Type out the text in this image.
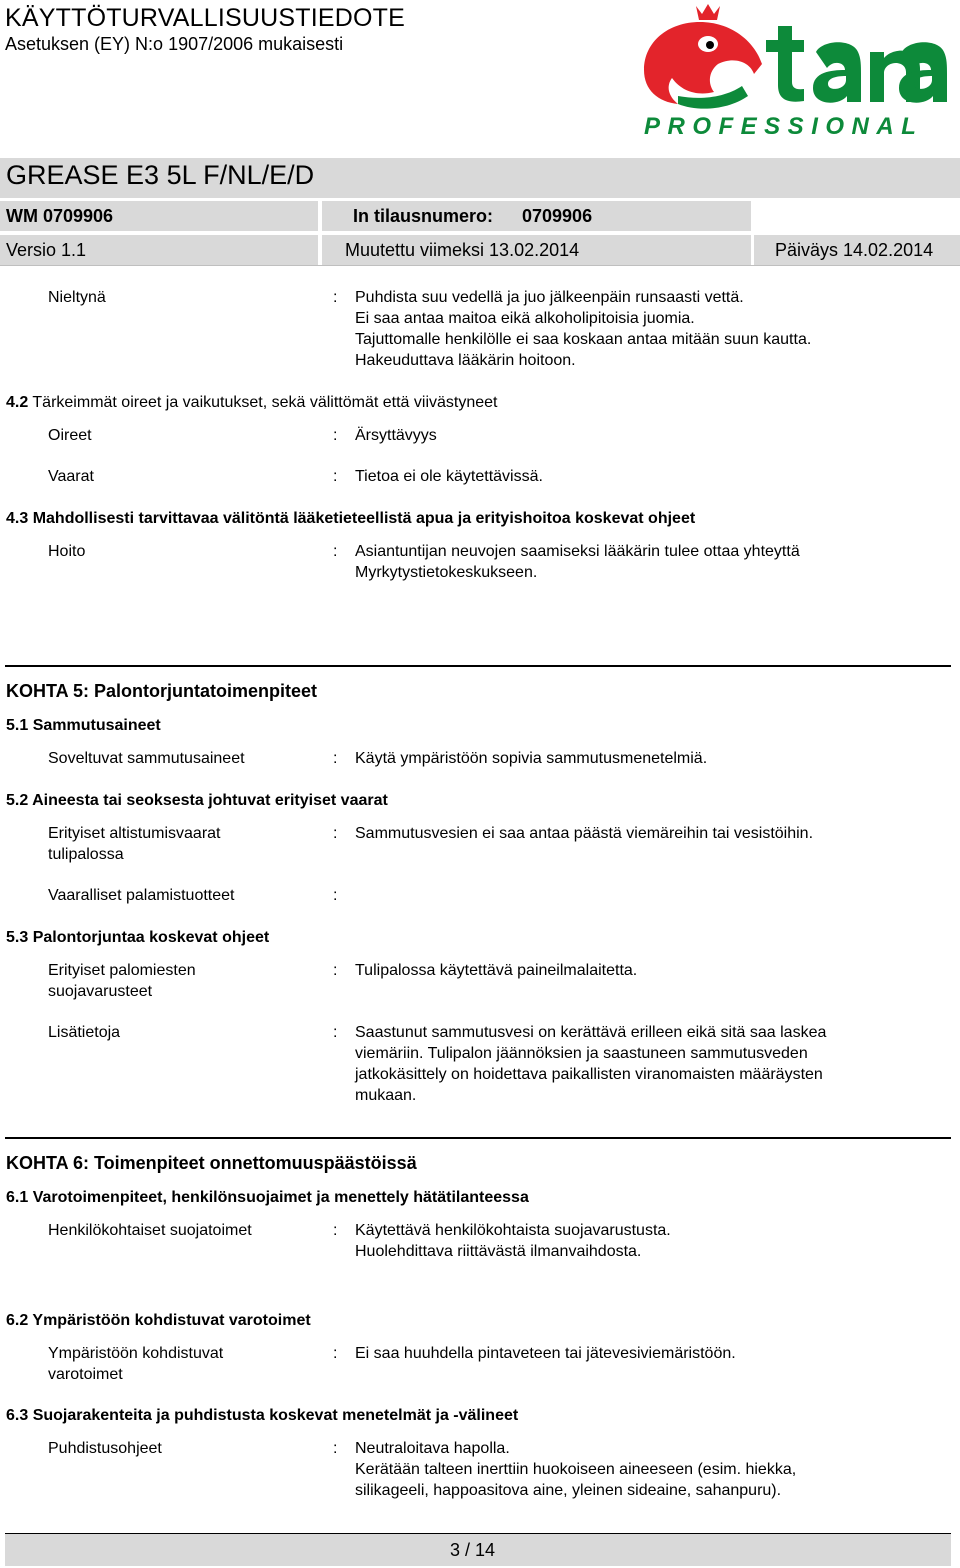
KÄYTTÖTURVALLISUUSTIEDOTE
Asetuksen (EY) N:o 1907/2006 mukaisesti
PROFESSIONAL
GREASE E3 5L F/NL/E/D
WM 0709906	In tilausnumero: 0709906
Versio 1.1	Muutettu viimeksi 13.02.2014	Päiväys 14.02.2014
Nieltynä	: Puhdista suu vedellä ja juo jälkeenpäin runsaasti vettä.
Ei saa antaa maitoa eikä alkoholipitoisia juomia.
Tajuttomalle henkilölle ei saa koskaan antaa mitään suun kautta.
Hakeuduttava lääkärin hoitoon.
4.2 Tärkeimmät oireet ja vaikutukset, sekä välittömät että viivästyneet
Oireet	: Ärsyttävyys
Vaarat	: Tietoa ei ole käytettävissä.
4.3 Mahdollisesti tarvittavaa välitöntä lääketieteellistä apua ja erityishoitoa koskevat ohjeet
Hoito	: Asiantuntijan neuvojen saamiseksi lääkärin tulee ottaa yhteyttä
Myrkytystietokeskukseen.
KOHTA 5: Palontorjuntatoimenpiteet
5.1 Sammutusaineet
Soveltuvat sammutusaineet	: Käytä ympäristöön sopivia sammutusmenetelmiä.
5.2 Aineesta tai seoksesta johtuvat erityiset vaarat
Erityiset altistumisvaarat
tulipalossa
: Sammutusvesien ei saa antaa päästä viemäreihin tai vesistöihin.
Vaaralliset palamistuotteet	:
5.3 Palontorjuntaa koskevat ohjeet
Erityiset palomiesten
suojavarusteet
: Tulipalossa käytettävä paineilmalaitetta.
Lisätietoja	: Saastunut sammutusvesi on kerättävä erilleen eikä sitä saa laskea
viemäriin. Tulipalon jäännöksien ja saastuneen sammutusveden
jatkokäsittely on hoidettava paikallisten viranomaisten määräysten
mukaan.
KOHTA 6: Toimenpiteet onnettomuuspäästöissä
6.1 Varotoimenpiteet, henkilönsuojaimet ja menettely hätätilanteessa
Henkilökohtaiset suojatoimet	: Käytettävä henkilökohtaista suojavarustusta.
Huolehdittava riittävästä ilmanvaihdosta.
6.2 Ympäristöön kohdistuvat varotoimet
Ympäristöön kohdistuvat
varotoimet
: Ei saa huuhdella pintaveteen tai jätevesiviemäristöön.
6.3 Suojarakenteita ja puhdistusta koskevat menetelmät ja -välineet
Puhdistusohjeet	: Neutraloitava hapolla.
Kerätään talteen inerttiin huokoiseen aineeseen (esim. hiekka,
silikageeli, happoasitova aine, yleinen sideaine, sahanpuru).
3 / 14
